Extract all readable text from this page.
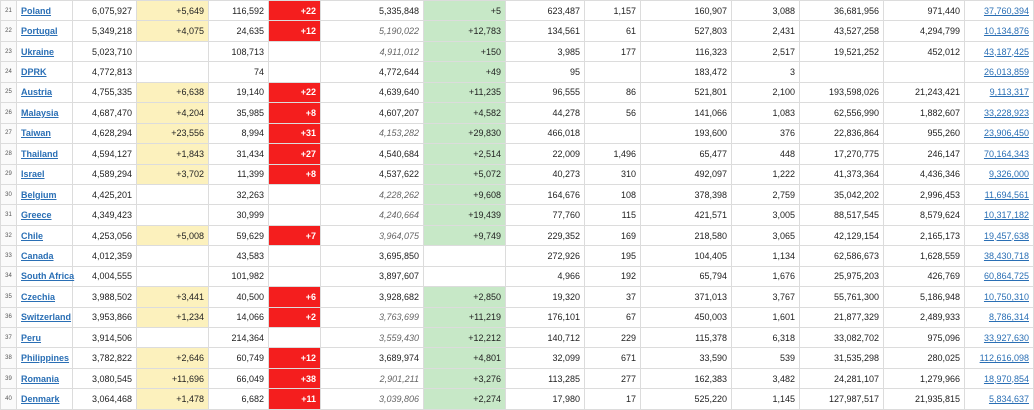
21	Poland	6,075,927	+5,649	116,592	+22	5,335,848	+5	623,487	1,157	160,907	3,088	36,681,956	971,440	37,760,394
22	Portugal	5,349,218	+4,075	24,635	+12	5,190,022	+12,783	134,561	61	527,803	2,431	43,527,258	4,294,799	10,134,876
23	Ukraine	5,023,710		108,713		4,911,012	+150	3,985	177	116,323	2,517	19,521,252	452,012	43,187,425
24	DPRK	4,772,813		74		4,772,644	+49	95		183,472	3			26,013,859
25	Austria	4,755,335	+6,638	19,140	+22	4,639,640	+11,235	96,555	86	521,801	2,100	193,598,026	21,243,421	9,113,317
26	Malaysia	4,687,470	+4,204	35,985	+8	4,607,207	+4,582	44,278	56	141,066	1,083	62,556,990	1,882,607	33,228,923
27	Taiwan	4,628,294	+23,556	8,994	+31	4,153,282	+29,830	466,018		193,600	376	22,836,864	955,260	23,906,450
28	Thailand	4,594,127	+1,843	31,434	+27	4,540,684	+2,514	22,009	1,496	65,477	448	17,270,775	246,147	70,164,343
29	Israel	4,589,294	+3,702	11,399	+8	4,537,622	+5,072	40,273	310	492,097	1,222	41,373,364	4,436,346	9,326,000
30	Belgium	4,425,201		32,263		4,228,262	+9,608	164,676	108	378,398	2,759	35,042,202	2,996,453	11,694,561
31	Greece	4,349,423		30,999		4,240,664	+19,439	77,760	115	421,571	3,005	88,517,545	8,579,624	10,317,182
32	Chile	4,253,056	+5,008	59,629	+7	3,964,075	+9,749	229,352	169	218,580	3,065	42,129,154	2,165,173	19,457,638
33	Canada	4,012,359		43,583		3,695,850		272,926	195	104,405	1,134	62,586,673	1,628,559	38,430,718
34	South Africa	4,004,555		101,982		3,897,607		4,966	192	65,794	1,676	25,975,203	426,769	60,864,725
35	Czechia	3,988,502	+3,441	40,500	+6	3,928,682	+2,850	19,320	37	371,013	3,767	55,761,300	5,186,948	10,750,310
36	Switzerland	3,953,866	+1,234	14,066	+2	3,763,699	+11,219	176,101	67	450,003	1,601	21,877,329	2,489,933	8,786,314
37	Peru	3,914,506		214,364		3,559,430	+12,212	140,712	229	115,378	6,318	33,082,702	975,096	33,927,630
38	Philippines	3,782,822	+2,646	60,749	+12	3,689,974	+4,801	32,099	671	33,590	539	31,535,298	280,025	112,616,098
39	Romania	3,080,545	+11,696	66,049	+38	2,901,211	+3,276	113,285	277	162,383	3,482	24,281,107	1,279,966	18,970,854
40	Denmark	3,064,468	+1,478	6,682	+11	3,039,806	+2,274	17,980	17	525,220	1,145	127,987,517	21,935,815	5,834,637
